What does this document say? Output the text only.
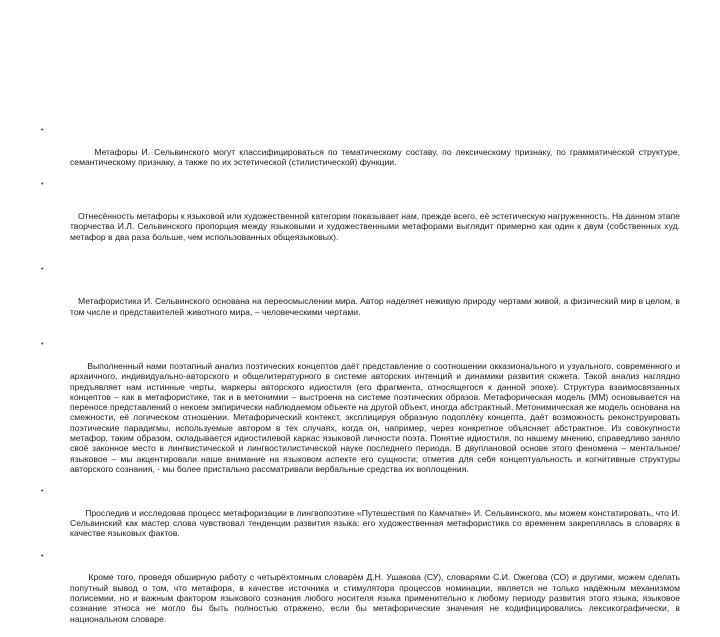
•

Метафоры И. Сельвинского могут классифицироваться по тематическому составу, по лексическому признаку, по грамматической структуре, семантическому признаку, а также по их эстетической (стилистической) функции.

•

Отнесённость метафоры к языковой или художественной категории показывает нам, прежде всего, её эстетическую нагруженность. На данном этапе творчества И.Л. Сельвинского пропорция между языковыми и художественными метафорами выглядит примерно как один к двум (собственных худ. метафор в два раза больше, чем использованных общеязыковых).

•

Метафористика И. Сельвинского основана на переосмыслении мира. Автор наделяет неживую природу чертами живой, а физический мир в целом, в том числе и представителей животного мира, – человеческими чертами.

•

Выполненный нами поэтапный анализ поэтических концептов даёт представление о соотношении окказионального и узуального, современного и архаичного, индивидуально-авторского и общелитературного в системе авторских интенций и динамики развития сюжета. Такой анализ наглядно предъявляет нам истинные черты, маркеры авторского идиостиля (его фрагмента, относящегося к данной эпохе). Структура взаимосвязанных концептов – как в метафористике, так и в метонимии – выстроена на системе поэтических образов. Метафорическая модель (ММ) основывается на переносе представлений о некоем эмпирически наблюдаемом объекте на другой объект, иногда абстрактный. Метонимическая же модель основана на смежности, её логическом отношении. Метафорический контекст, эксплицируя образную подоплёку концепта, даёт возможность реконструировать поэтические парадигмы, используемые автором в тех случаях, когда он, например, через конкретное объясняет абстрактное. Из совокупности метафор, таким образом, складывается идиостилевой каркас языковой личности поэта. Понятие идиостиля, по нашему мнению, справедливо заняло своё законное место в лингвистической и лингвостилистической науке последнего периода. В двуплановой основе этого феномена – ментальное/языковое – мы акцентировали наше внимание на языковом аспекте его сущности; отметив для себя концептуальность и когнитивные структуры авторского сознания, - мы более пристально рассматривали вербальные средства их воплощения.

•

Проследив и исследовав процесс метафоризации в лингвопоэтике «Путешествия по Камчатке» И. Сельвинского, мы можем констатировать, что И. Сельвинский как мастер слова чувствовал тенденции развития языка: его художественная метафористика со временем закреплялась в словарях в качестве языковых фактов.

•

Кроме того, проведя обширную работу с четырёхтомным словарём Д.Н. Ушакова (СУ), словарями С.И. Ожегова (СО) и другими, можем сделать попутный вывод о том, что метафора, в качестве источника и стимулятора процессов номинации, является не только надёжным механизмом полисемии, но и важным фактором языкового сознания любого носителя языка применительно к любому периоду развития этого языка; языковое сознание этноса не могло бы быть полностью отражено, если бы метафорические значения не кодифицировались лексикографически, в национальном словаре.
